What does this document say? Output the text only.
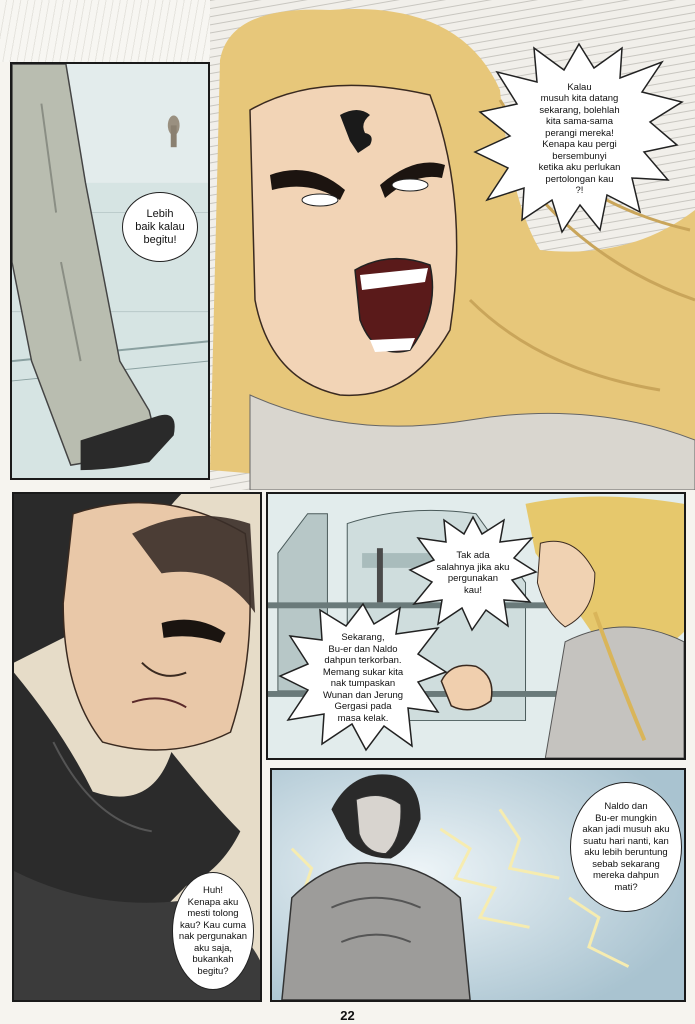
Lebih
baik kalau
begitu!
Kalau
musuh kita datang
sekarang, bolehlah
kita sama-sama
perangi mereka!
Kenapa kau pergi
bersembunyi
ketika aku perlukan
pertolongan kau
?!
Huh!
Kenapa aku
mesti tolong
kau? Kau cuma
nak pergunakan
aku saja,
bukankah
begitu?
Tak ada
salahnya jika aku
pergunakan
kau!
Sekarang,
Bu-er dan Naldo
dahpun terkorban.
Memang sukar kita
nak tumpaskan
Wunan dan Jerung
Gergasi pada
masa kelak.
Naldo dan
Bu-er mungkin
akan jadi musuh aku
suatu hari nanti, kan
aku lebih beruntung
sebab sekarang
mereka dahpun
mati?
22
